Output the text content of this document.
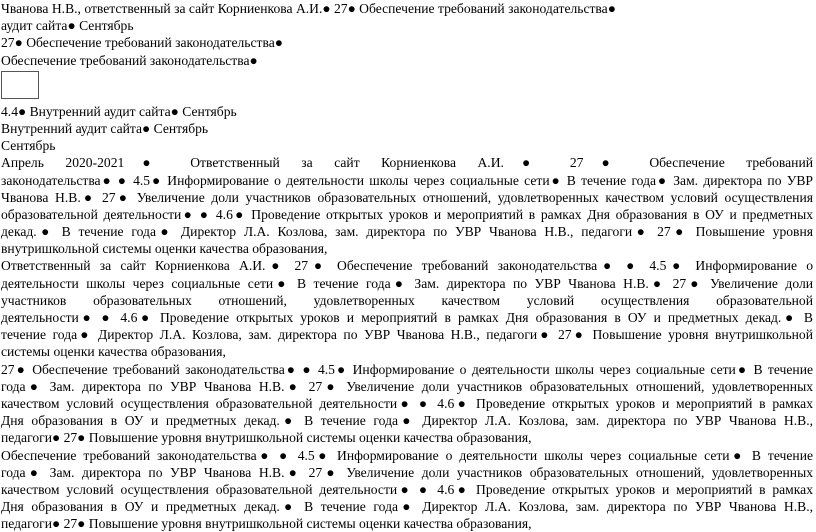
Чванова Н.В., ответственный за сайт Корниенкова А.И.● 27● Обеспечение требований законодательства●
аудит сайта● Сентябрь
27● Обеспечение требований законодательства●
Обеспечение требований законодательства●
4.4● Внутренний аудит сайта● Сентябрь
Внутренний аудит сайта● Сентябрь
Сентябрь
Апрель 2020-2021● Ответственный за сайт Корниенкова А.И.● 27● Обеспечение требований
законодательства● ● 4.5● Информирование о деятельности школы через социальные сети● В течение года● Зам. директора по УВР
Чванова Н.В.● 27● Увеличение доли участников образовательных отношений, удовлетворенных качеством условий осуществления
образовательной деятельности● ● 4.6● Проведение открытых уроков и мероприятий в рамках Дня образования в ОУ и предметных
декад.● В течение года● Директор Л.А. Козлова, зам. директора по УВР Чванова Н.В., педагоги● 27● Повышение уровня
внутришкольной системы оценки качества образования,
Ответственный за сайт Корниенкова А.И.● 27● Обеспечение требований законодательства● ● 4.5● Информирование о
деятельности школы через социальные сети● В течение года● Зам. директора по УВР Чванова Н.В.● 27● Увеличение доли
участников образовательных отношений, удовлетворенных качеством условий осуществления образовательной
деятельности● ● 4.6● Проведение открытых уроков и мероприятий в рамках Дня образования в ОУ и предметных декад.● В
течение года● Директор Л.А. Козлова, зам. директора по УВР Чванова Н.В., педагоги● 27● Повышение уровня внутришкольной
системы оценки качества образования,
27● Обеспечение требований законодательства● ● 4.5● Информирование о деятельности школы через социальные сети● В течение
года● Зам. директора по УВР Чванова Н.В.● 27● Увеличение доли участников образовательных отношений, удовлетворенных
качеством условий осуществления образовательной деятельности● ● 4.6● Проведение открытых уроков и мероприятий в рамках
Дня образования в ОУ и предметных декад.● В течение года● Директор Л.А. Козлова, зам. директора по УВР Чванова Н.В.,
педагоги● 27● Повышение уровня внутришкольной системы оценки качества образования,
Обеспечение требований законодательства● ● 4.5● Информирование о деятельности школы через социальные сети● В течение
года● Зам. директора по УВР Чванова Н.В.● 27● Увеличение доли участников образовательных отношений, удовлетворенных
качеством условий осуществления образовательной деятельности● ● 4.6● Проведение открытых уроков и мероприятий в рамках
Дня образования в ОУ и предметных декад.● В течение года● Директор Л.А. Козлова, зам. директора по УВР Чванова Н.В.,
педагоги● 27● Повышение уровня внутришкольной системы оценки качества образования,
